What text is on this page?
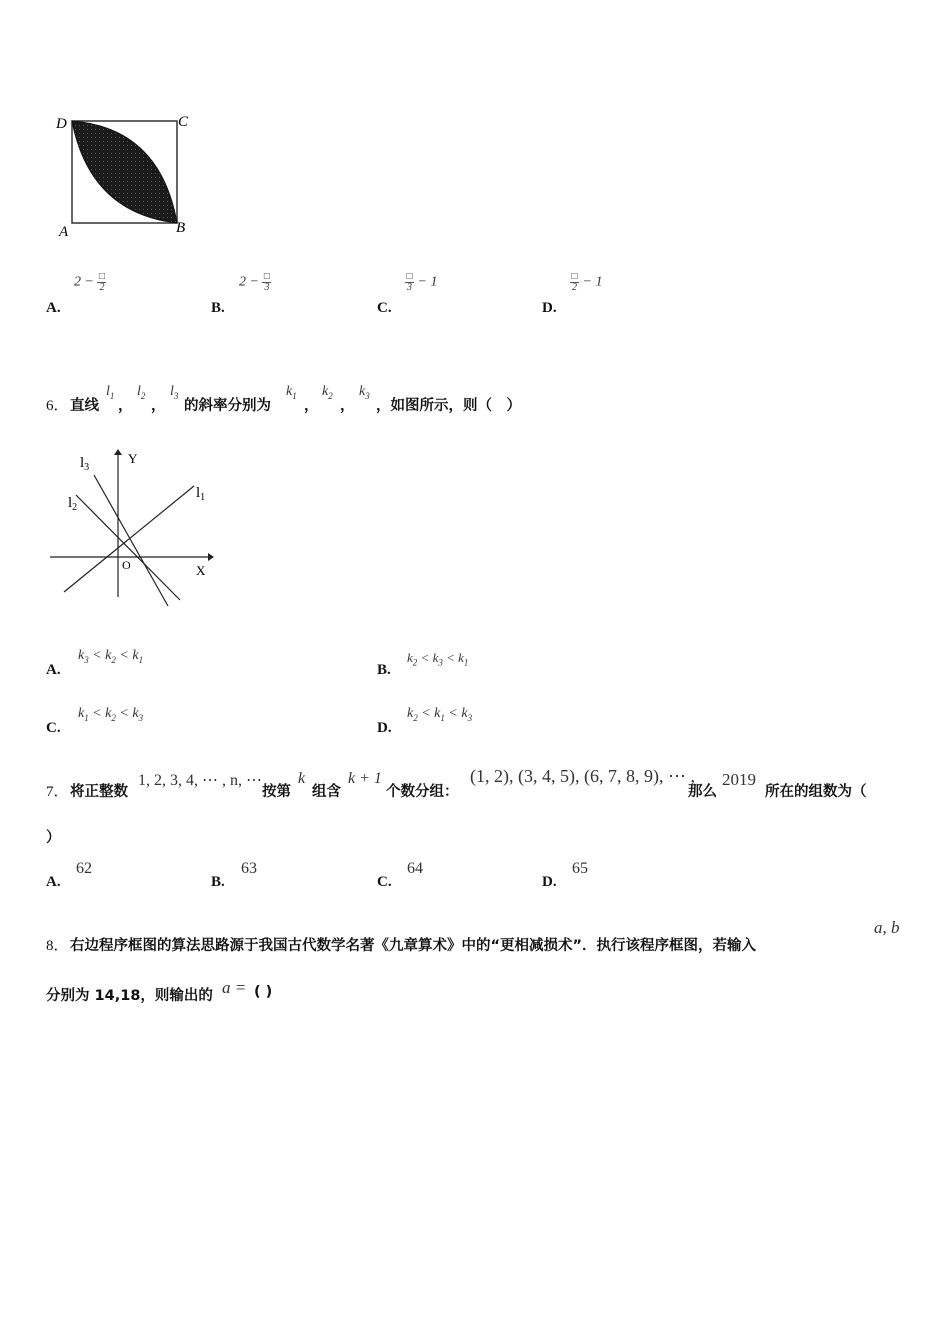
D	C
A	B
A.
$2 - \frac{□}{2}$
B.
$2 - \frac{□}{3}$
C.
$\frac{□}{3} - 1$
D.
$\frac{□}{2} - 1$
6． 直线
$l_1$
，
$l_2$
，
$l_3$
的斜率分别为
$k_1$
，
$k_2$
，
$k_3$
，如图所示，则（　）
Y
X
O
$l_1$
$l_2$
$l_3$
A.
$k_3 < k_2 < k_1$
B.
$k_2 < k_3 < k_1$
C.
$k_1 < k_2 < k_3$
D.
$k_2 < k_1 < k_3$
7． 将正整数
1, 2, 3, 4, ⋯ , n, ⋯
按第
k
组含
k + 1
个数分组：
(1, 2), (3, 4, 5), (6, 7, 8, 9), ⋯ ,
那么
2019
所在的组数为（
）
A.
62
B.
63
C.
64
D.
65
8． 右边程序框图的算法思路源于我国古代数学名著《九章算术》中的“更相减损术”．执行该程序框图，若输入
a, b
分别为 14,18，则输出的 a = ( )
